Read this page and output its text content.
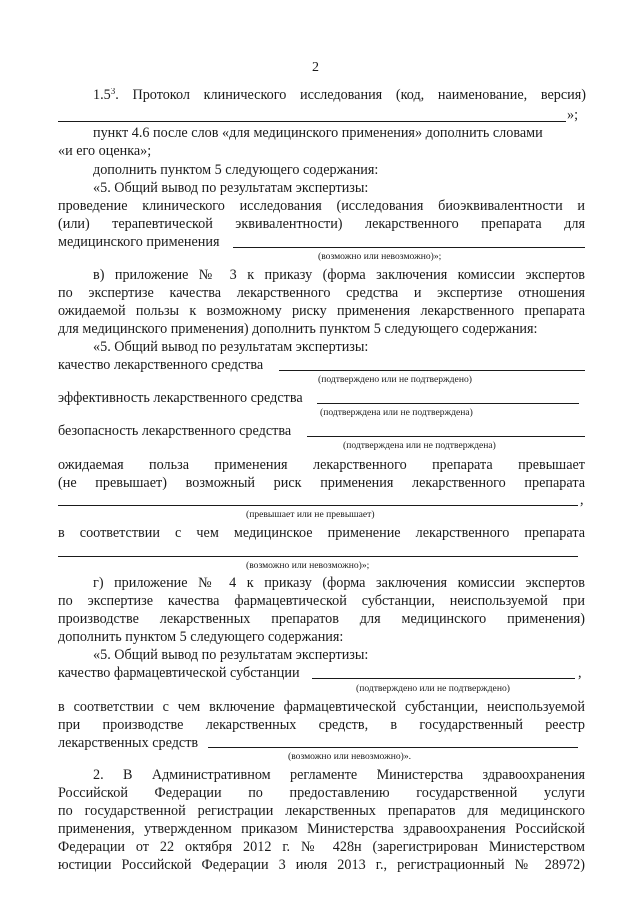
2
$1.5^3$. Протокол клинического исследования (код, наименование, версия)
»;
пункт 4.6 после слов «для медицинского применения» дополнить словами
«и его оценка»;
дополнить пунктом 5 следующего содержания:
«5. Общий вывод по результатам экспертизы:
проведение клинического исследования (исследования биоэквивалентности и
(или) терапевтической эквивалентности) лекарственного препарата для
медицинского применения
(возможно или невозможно)»;
в) приложение № 3 к приказу (форма заключения комиссии экспертов
по экспертизе качества лекарственного средства и экспертизе отношения
ожидаемой пользы к возможному риску применения лекарственного препарата
для медицинского применения) дополнить пунктом 5 следующего содержания:
«5. Общий вывод по результатам экспертизы:
качество лекарственного средства
(подтверждено или не подтверждено)
эффективность лекарственного средства
(подтверждена или не подтверждена)
безопасность лекарственного средства
(подтверждена или не подтверждена)
ожидаемая польза применения лекарственного препарата превышает
(не превышает) возможный риск применения лекарственного препарата
,
(превышает или не превышает)
в соответствии с чем медицинское применение лекарственного препарата
(возможно или невозможно)»;
г) приложение № 4 к приказу (форма заключения комиссии экспертов
по экспертизе качества фармацевтической субстанции, неиспользуемой при
производстве лекарственных препаратов для медицинского применения)
дополнить пунктом 5 следующего содержания:
«5. Общий вывод по результатам экспертизы:
качество фармацевтической субстанции	,
(подтверждено или не подтверждено)
в соответствии с чем включение фармацевтической субстанции, неиспользуемой
при производстве лекарственных средств, в государственный реестр
лекарственных средств
(возможно или невозможно)».
2. В Административном регламенте Министерства здравоохранения
Российской Федерации по предоставлению государственной услуги
по государственной регистрации лекарственных препаратов для медицинского
применения, утвержденном приказом Министерства здравоохранения Российской
Федерации от 22 октября 2012 г. № 428н (зарегистрирован Министерством
юстиции Российской Федерации 3 июля 2013 г., регистрационный № 28972)
